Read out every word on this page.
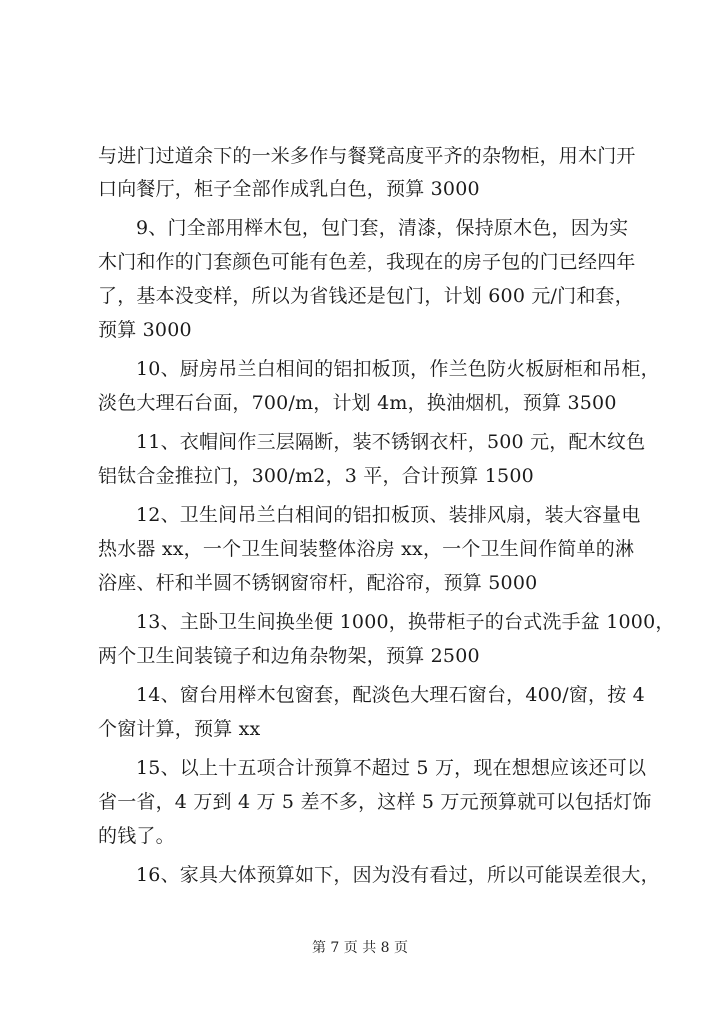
与进门过道余下的一米多作与餐凳高度平齐的杂物柜，用木门开
口向餐厅，柜子全部作成乳白色，预算 3000
9、门全部用榉木包，包门套，清漆，保持原木色，因为实
木门和作的门套颜色可能有色差，我现在的房子包的门已经四年
了，基本没变样，所以为省钱还是包门，计划 600 元/门和套，
预算 3000
10、厨房吊兰白相间的铝扣板顶，作兰色防火板厨柜和吊柜，
淡色大理石台面，700/m，计划 4m，换油烟机，预算 3500
11、衣帽间作三层隔断，装不锈钢衣杆，500 元，配木纹色
铝钛合金推拉门，300/m2，3 平，合计预算 1500
12、卫生间吊兰白相间的铝扣板顶、装排风扇，装大容量电
热水器 xx，一个卫生间装整体浴房 xx，一个卫生间作简单的淋
浴座、杆和半圆不锈钢窗帘杆，配浴帘，预算 5000
13、主卧卫生间换坐便 1000，换带柜子的台式洗手盆 1000，
两个卫生间装镜子和边角杂物架，预算 2500
14、窗台用榉木包窗套，配淡色大理石窗台，400/窗，按 4
个窗计算，预算 xx
15、以上十五项合计预算不超过 5 万，现在想想应该还可以
省一省，4 万到 4 万 5 差不多，这样 5 万元预算就可以包括灯饰
的钱了。
16、家具大体预算如下，因为没有看过，所以可能误差很大，
第 7 页 共 8 页
